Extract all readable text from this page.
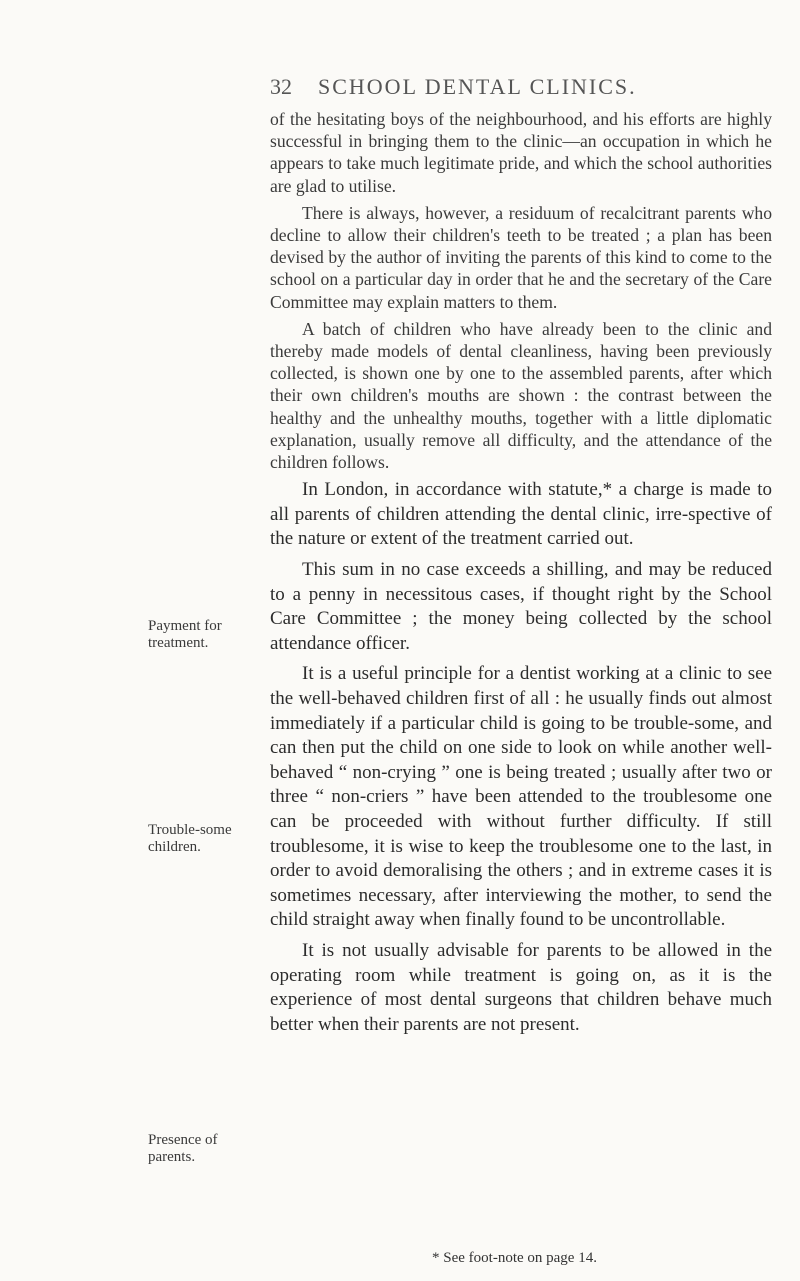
32 SCHOOL DENTAL CLINICS.

of the hesitating boys of the neighbourhood, and his efforts are highly successful in bringing them to the clinic—an occupation in which he appears to take much legitimate pride, and which the school authorities are glad to utilise.

There is always, however, a residuum of recalcitrant parents who decline to allow their children's teeth to be treated ; a plan has been devised by the author of inviting the parents of this kind to come to the school on a particular day in order that he and the secretary of the Care Committee may explain matters to them.

A batch of children who have already been to the clinic and thereby made models of dental cleanliness, having been previously collected, is shown one by one to the assembled parents, after which their own children's mouths are shown : the contrast between the healthy and the unhealthy mouths, together with a little diplomatic explanation, usually remove all difficulty, and the attendance of the children follows.

In London, in accordance with statute,* a charge is made to all parents of children attending the dental clinic, irre-spective of the nature or extent of the treatment carried out.

This sum in no case exceeds a shilling, and may be reduced to a penny in necessitous cases, if thought right by the School Care Committee ; the money being collected by the school attendance officer.

It is a useful principle for a dentist working at a clinic to see the well-behaved children first of all : he usually finds out almost immediately if a particular child is going to be trouble-some, and can then put the child on one side to look on while another well-behaved “ non-crying ” one is being treated ; usually after two or three “ non-criers ” have been attended to the troublesome one can be proceeded with without further difficulty. If still troublesome, it is wise to keep the troublesome one to the last, in order to avoid demoralising the others ; and in extreme cases it is sometimes necessary, after interviewing the mother, to send the child straight away when finally found to be uncontrollable.

It is not usually advisable for parents to be allowed in the operating room while treatment is going on, as it is the experience of most dental surgeons that children behave much better when their parents are not present.

Payment for treatment.
Trouble-some children.
Presence of parents.
* See foot-note on page 14.
